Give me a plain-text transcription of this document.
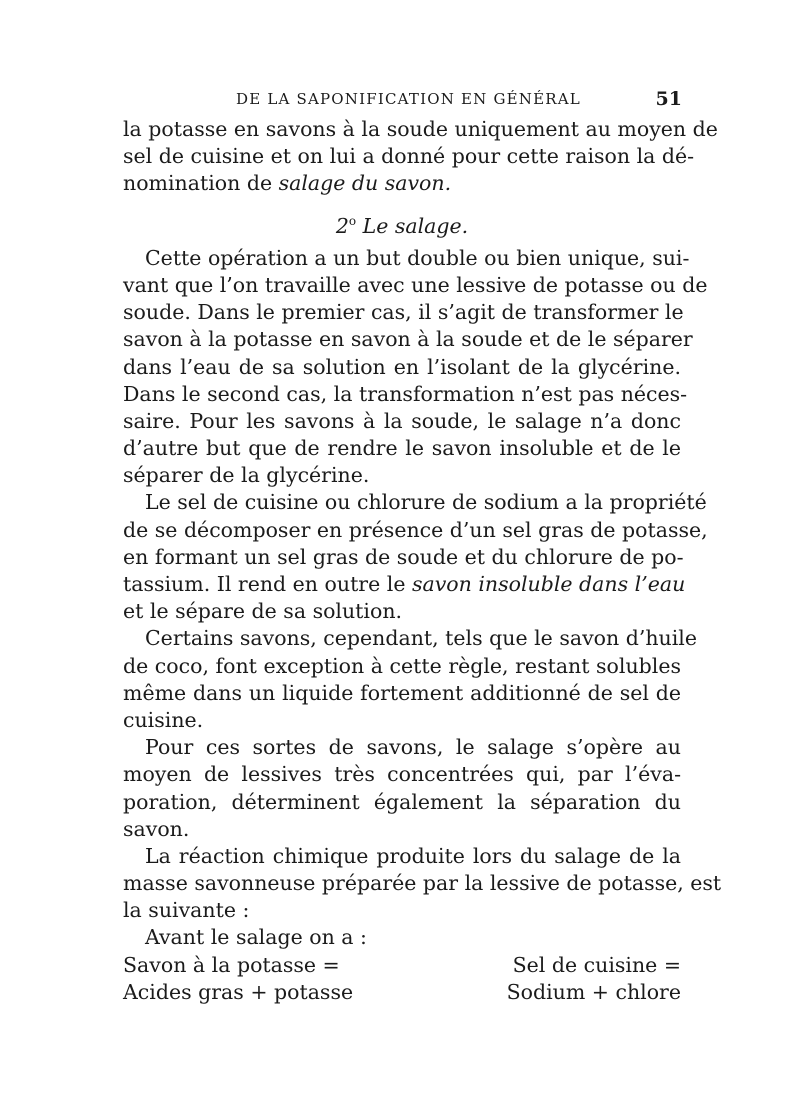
DE LA SAPONIFICATION EN GÉNÉRAL	51
la potasse en savons à la soude uniquement au moyen de
sel de cuisine et on lui a donné pour cette raison la dé-
nomination de salage du savon.
2$^o$ Le salage.
Cette opération a un but double ou bien unique, sui-
vant que l’on travaille avec une lessive de potasse ou de
soude. Dans le premier cas, il s’agit de transformer le
savon à la potasse en savon à la soude et de le séparer
dans l’eau de sa solution en l’isolant de la glycérine.
Dans le second cas, la transformation n’est pas néces-
saire. Pour les savons à la soude, le salage n’a donc
d’autre but que de rendre le savon insoluble et de le
séparer de la glycérine.
Le sel de cuisine ou chlorure de sodium a la propriété
de se décomposer en présence d’un sel gras de potasse,
en formant un sel gras de soude et du chlorure de po-
tassium. Il rend en outre le savon insoluble dans l’eau
et le sépare de sa solution.
Certains savons, cependant, tels que le savon d’huile
de coco, font exception à cette règle, restant solubles
même dans un liquide fortement additionné de sel de
cuisine.
Pour ces sortes de savons, le salage s’opère au
moyen de lessives très concentrées qui, par l’éva-
poration, déterminent également la séparation du
savon.
La réaction chimique produite lors du salage de la
masse savonneuse préparée par la lessive de potasse, est
la suivante :
Avant le salage on a :
Savon à la potasse =	Sel de cuisine =
Acides gras + potasse	Sodium + chlore
